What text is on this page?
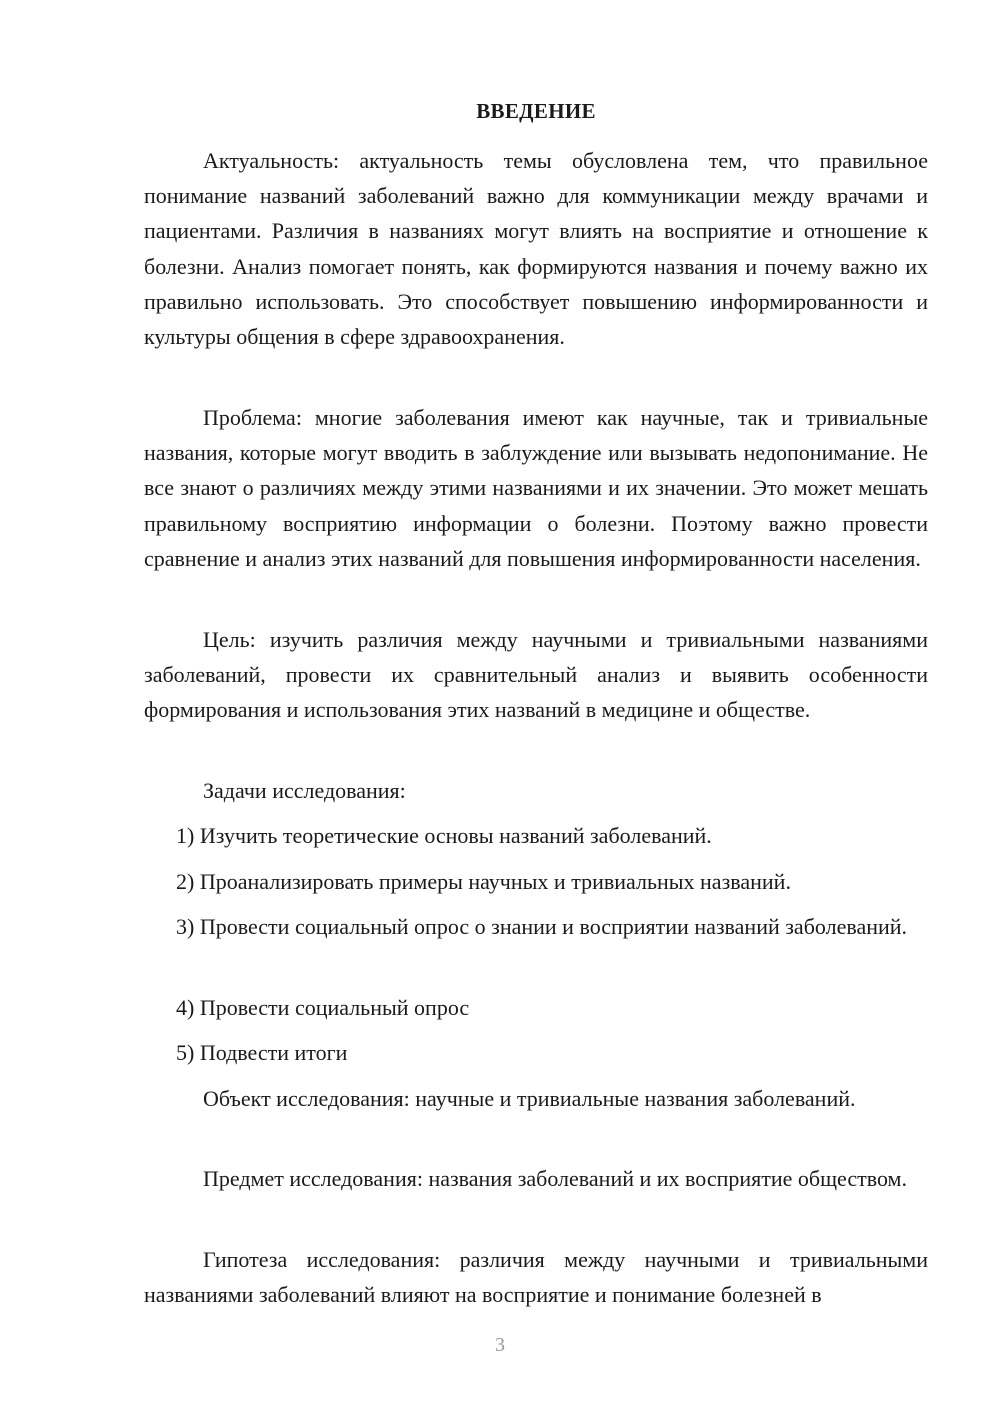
ВВЕДЕНИЕ

Актуальность: актуальность темы обусловлена тем, что правильное понимание названий заболеваний важно для коммуникации между врачами и пациентами. Различия в названиях могут влиять на восприятие и отношение к болезни. Анализ помогает понять, как формируются названия и почему важно их правильно использовать. Это способствует повышению информированности и культуры общения в сфере здравоохранения.

Проблема: многие заболевания имеют как научные, так и тривиальные названия, которые могут вводить в заблуждение или вызывать недопонимание. Не все знают о различиях между этими названиями и их значении. Это может мешать правильному восприятию информации о болезни. Поэтому важно провести сравнение и анализ этих названий для повышения информированности населения.

Цель: изучить различия между научными и тривиальными названиями заболеваний, провести их сравнительный анализ и выявить особенности формирования и использования этих названий в медицине и обществе.

Задачи исследования:

1) Изучить теоретические основы названий заболеваний.

2) Проанализировать примеры научных и тривиальных названий.

3) Провести социальный опрос о знании и восприятии названий заболеваний.

4) Провести социальный опрос

5) Подвести итоги

Объект исследования: научные и тривиальные названия заболеваний.

Предмет исследования: названия заболеваний и их восприятие обществом.

Гипотеза исследования: различия между научными и тривиальными названиями заболеваний влияют на восприятие и понимание болезней в

3
